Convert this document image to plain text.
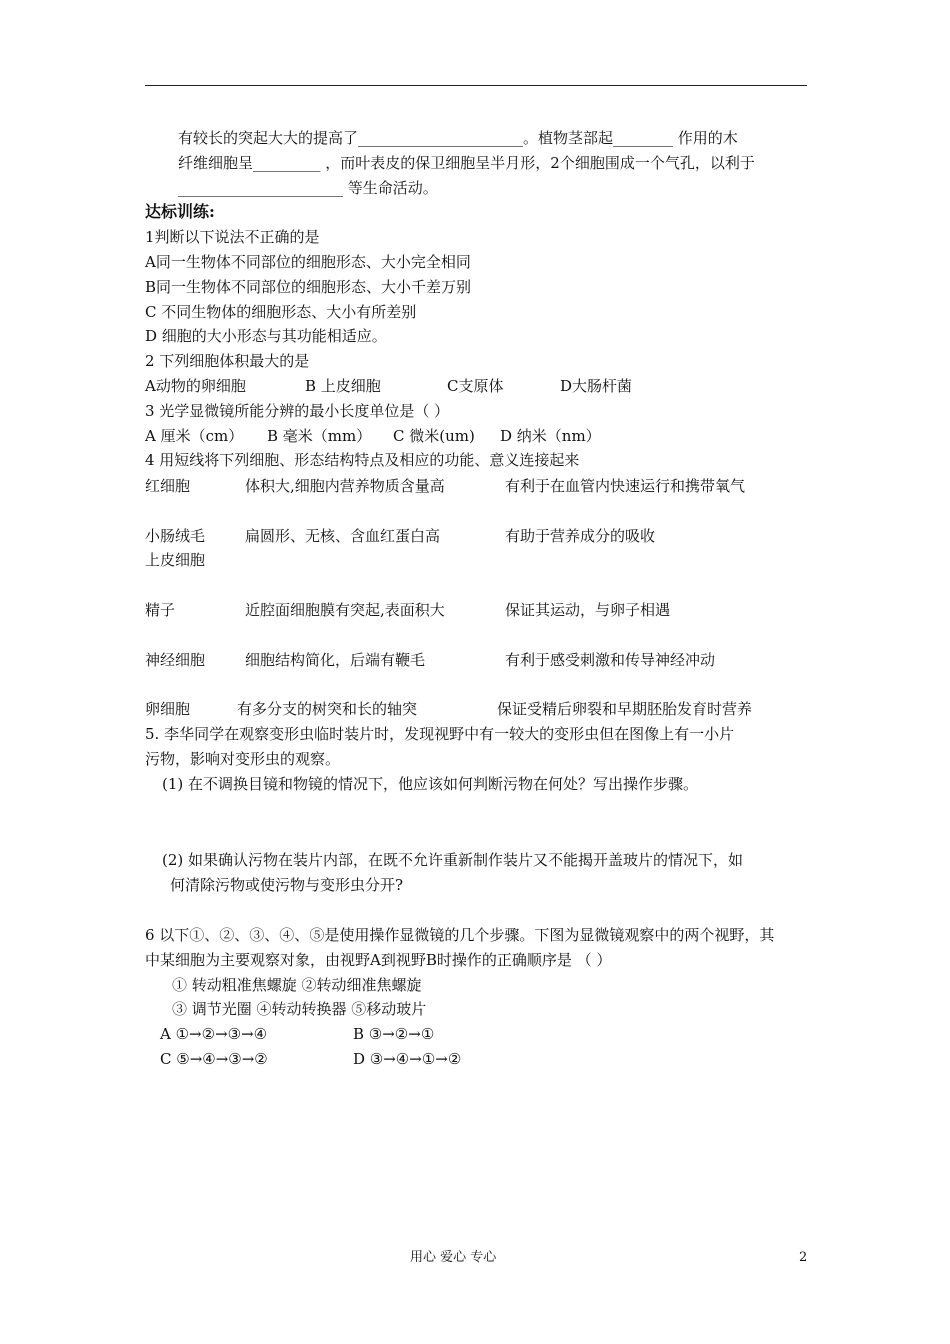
有较长的突起大大的提高了______________________。植物茎部起________ 作用的木
纤维细胞呈_________ ，而叶表皮的保卫细胞呈半月形，2个细胞围成一个气孔，以利于
______________________ 等生命活动。
达标训练:
1判断以下说法不正确的是
A同一生物体不同部位的细胞形态、大小完全相同
B同一生物体不同部位的细胞形态、大小千差万别
C 不同生物体的细胞形态、大小有所差别
D 细胞的大小形态与其功能相适应。
2 下列细胞体积最大的是
A动物的卵细胞	B 上皮细胞	C支原体	D大肠杆菌
3 光学显微镜所能分辨的最小长度单位是（ ）
A 厘米（cm） B 毫米（mm） C 微米(um) D 纳米（nm）
4 用短线将下列细胞、形态结构特点及相应的功能、意义连接起来
红细胞	体积大,细胞内营养物质含量高	有利于在血管内快速运行和携带氧气
小肠绒毛	扁圆形、无核、含血红蛋白高	有助于营养成分的吸收
上皮细胞
精子	近腔面细胞膜有突起,表面积大	保证其运动，与卵子相遇
神经细胞	细胞结构简化，后端有鞭毛	有利于感受刺激和传导神经冲动
卵细胞	有多分支的树突和长的轴突	保证受精后卵裂和早期胚胎发育时营养
5. 李华同学在观察变形虫临时装片时，发现视野中有一较大的变形虫但在图像上有一小片
污物，影响对变形虫的观察。
(1) 在不调换目镜和物镜的情况下，他应该如何判断污物在何处？写出操作步骤。
(2) 如果确认污物在装片内部，在既不允许重新制作装片又不能揭开盖玻片的情况下，如
何清除污物或使污物与变形虫分开?
6 以下①、②、③、④、⑤是使用操作显微镜的几个步骤。下图为显微镜观察中的两个视野，其
中某细胞为主要观察对象，由视野A到视野B时操作的正确顺序是 （ ）
① 转动粗准焦螺旋 ②转动细准焦螺旋
③ 调节光圈 ④转动转换器 ⑤移动玻片
A ①→②→③→④	B ③→②→①
C ⑤→④→③→②	D ③→④→①→②
用心 爱心 专心	2
